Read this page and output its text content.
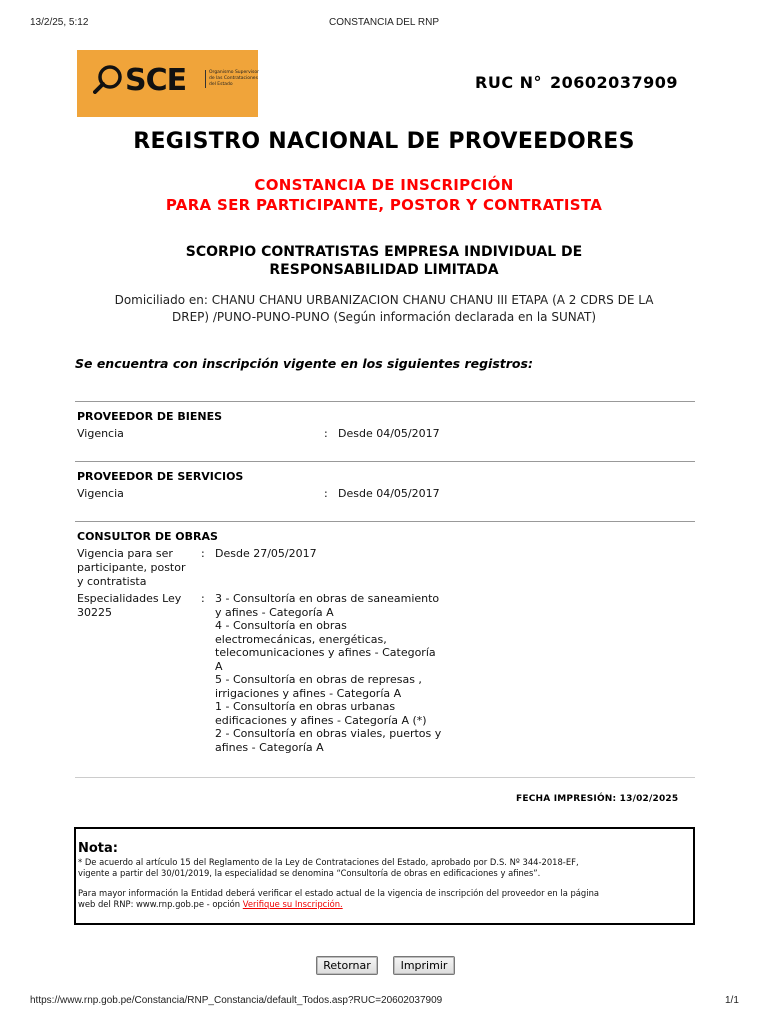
13/2/25, 5:12	CONSTANCIA DEL RNP
SCE	Organismo Supervisor de las Contrataciones del Estado	RUC N° 20602037909
REGISTRO NACIONAL DE PROVEEDORES
CONSTANCIA DE INSCRIPCIÓN
PARA SER PARTICIPANTE, POSTOR Y CONTRATISTA
SCORPIO CONTRATISTAS EMPRESA INDIVIDUAL DE
RESPONSABILIDAD LIMITADA
Domiciliado en: CHANU CHANU URBANIZACION CHANU CHANU III ETAPA (A 2 CDRS DE LA
DREP) /PUNO-PUNO-PUNO (Según información declarada en la SUNAT)
Se encuentra con inscripción vigente en los siguientes registros:
PROVEEDOR DE BIENES
Vigencia	: Desde 04/05/2017
PROVEEDOR DE SERVICIOS
Vigencia	: Desde 04/05/2017
CONSULTOR DE OBRAS
Vigencia para ser
participante, postor
y contratista
: Desde 27/05/2017
Especialidades Ley
30225
: 3 - Consultoría en obras de saneamiento
y afines - Categoría A
4 - Consultoría en obras
electromecánicas, energéticas,
telecomunicaciones y afines - Categoría
A
5 - Consultoría en obras de represas ,
irrigaciones y afines - Categoría A
1 - Consultoría en obras urbanas
edificaciones y afines - Categoría A (*)
2 - Consultoría en obras viales, puertos y
afines - Categoría A
FECHA IMPRESIÓN: 13/02/2025
Nota:
* De acuerdo al artículo 15 del Reglamento de la Ley de Contrataciones del Estado, aprobado por D.S. Nº 344-2018-EF,
vigente a partir del 30/01/2019, la especialidad se denomina “Consultoría de obras en edificaciones y afines”.
Para mayor información la Entidad deberá verificar el estado actual de la vigencia de inscripción del proveedor en la página
web del RNP: www.rnp.gob.pe - opción Verifique su Inscripción.
Retornar	Imprimir
https://www.rnp.gob.pe/Constancia/RNP_Constancia/default_Todos.asp?RUC=20602037909	1/1
